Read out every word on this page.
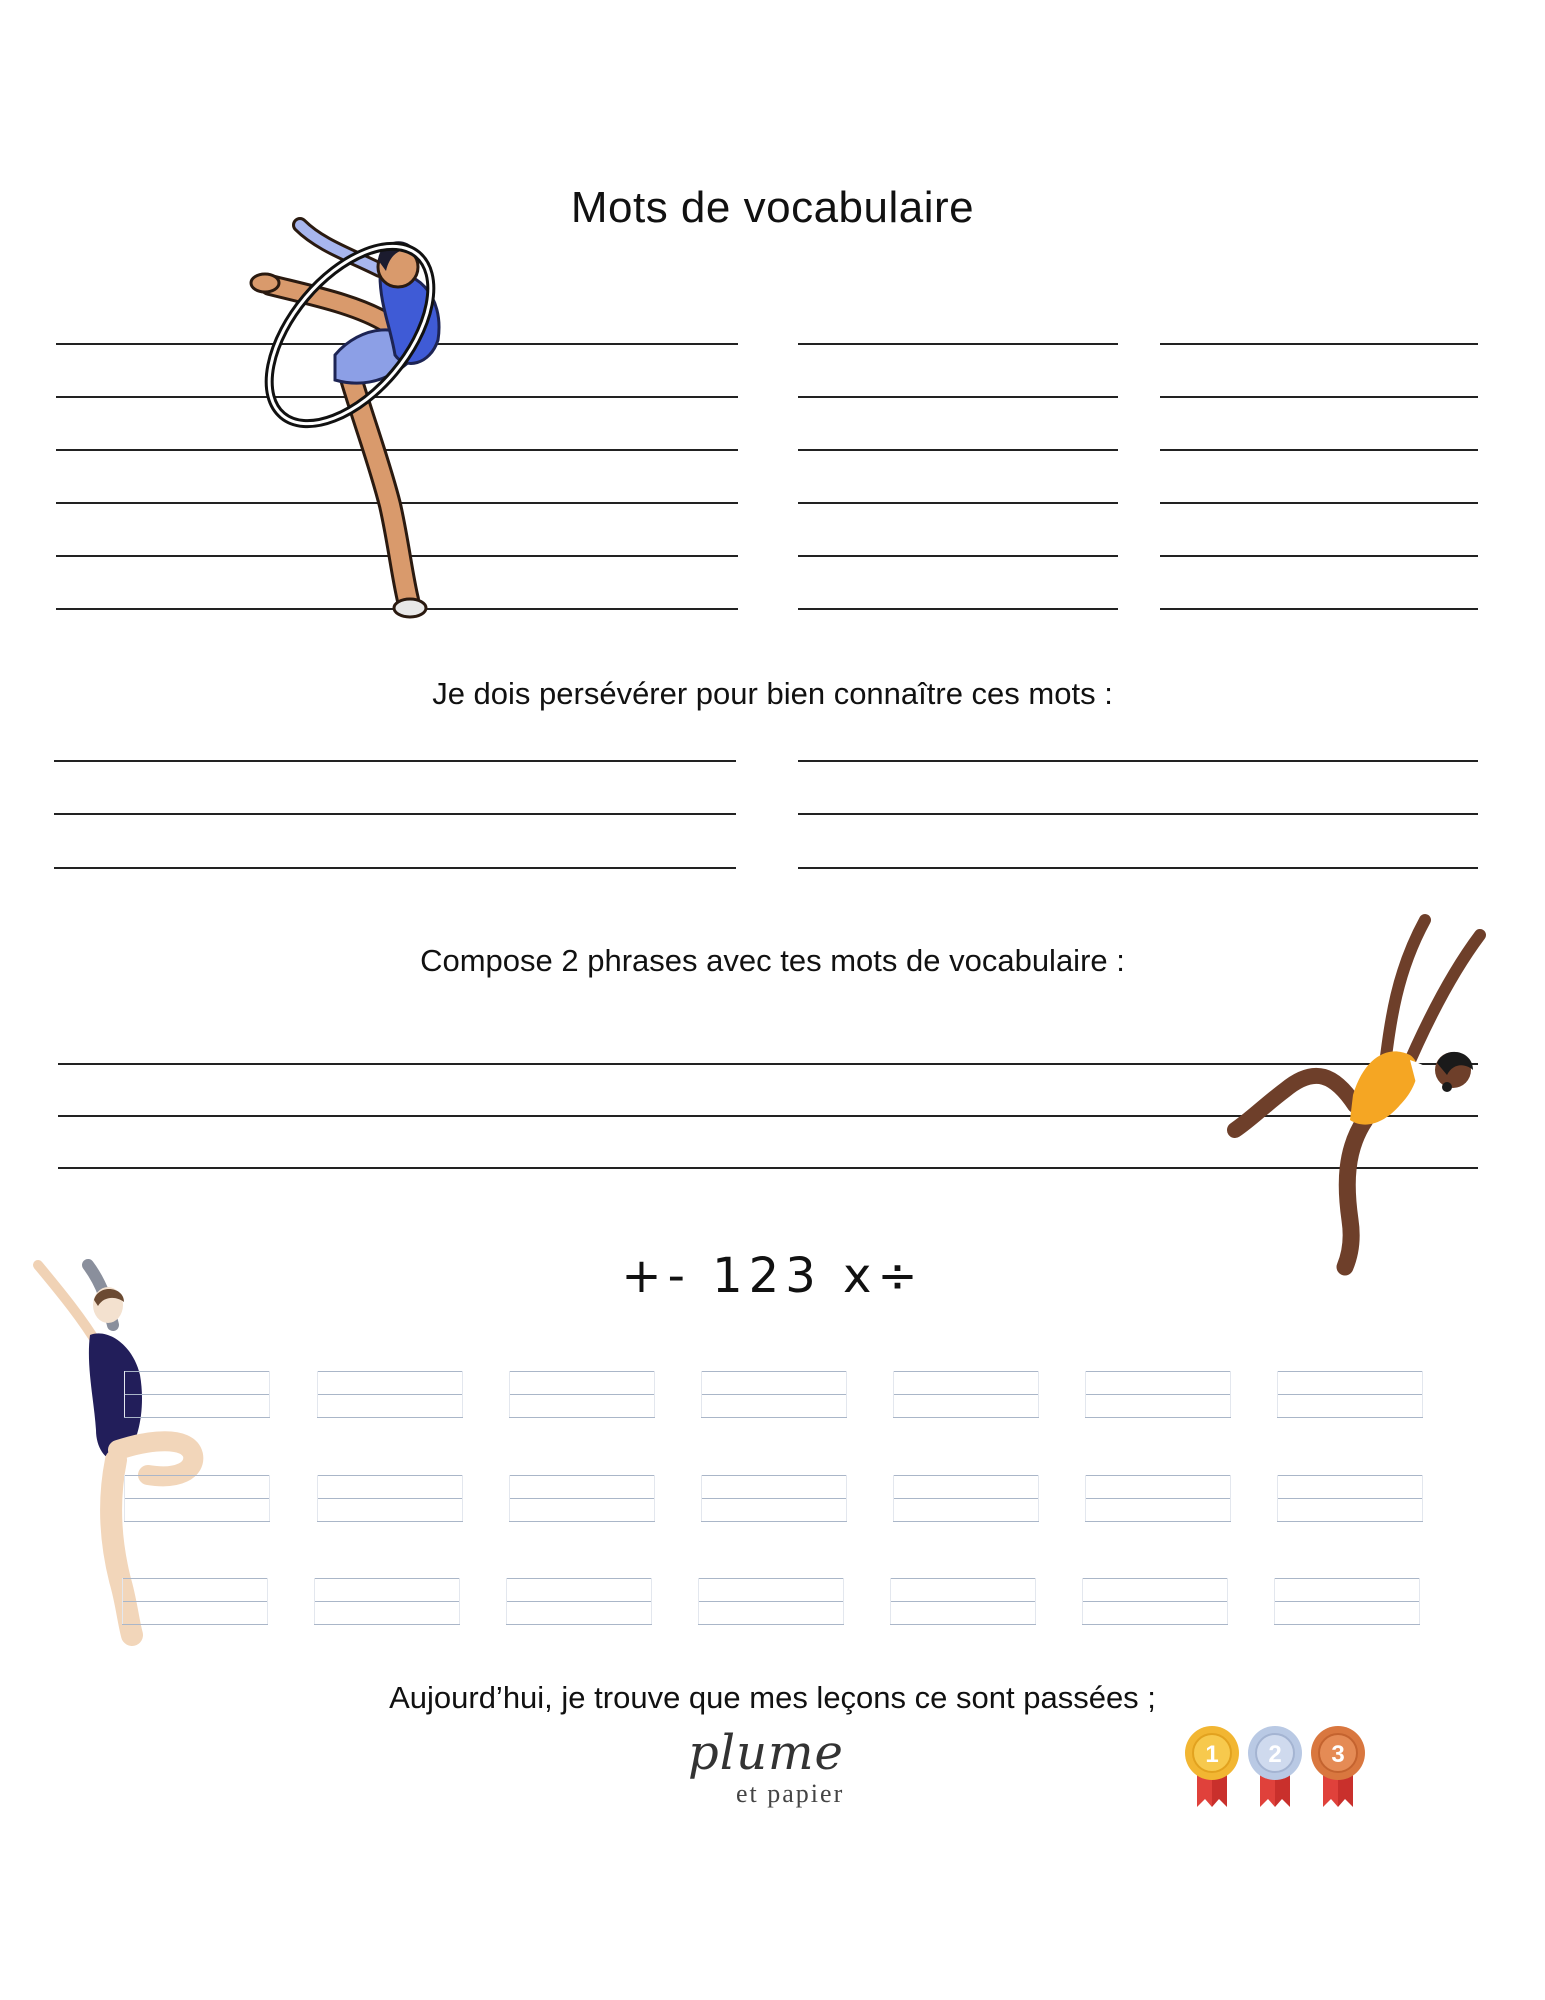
Mots de vocabulaire
Je dois persévérer pour bien connaître ces mots :
Compose 2 phrases avec tes mots de vocabulaire :
+- 123 x÷
Aujourd’hui, je trouve que mes leçons ce sont passées ;
plume
et papier
1 2 3
